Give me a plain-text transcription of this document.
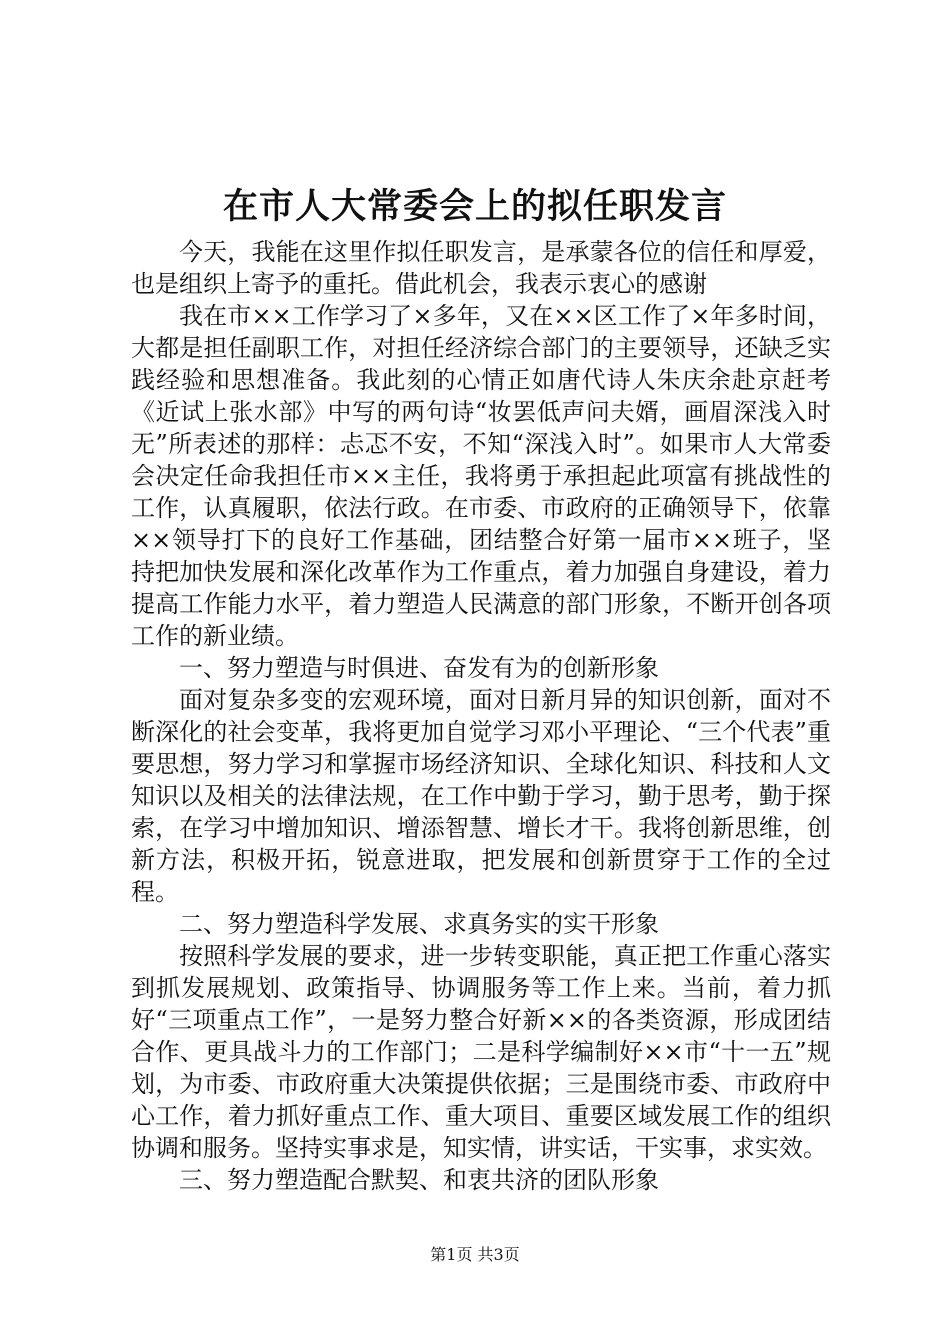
在市人大常委会上的拟任职发言

今天，我能在这里作拟任职发言，是承蒙各位的信任和厚爱，也是组织上寄予的重托。借此机会，我表示衷心的感谢

我在市××工作学习了×多年，又在××区工作了×年多时间，大都是担任副职工作，对担任经济综合部门的主要领导，还缺乏实践经验和思想准备。我此刻的心情正如唐代诗人朱庆余赴京赶考《近试上张水部》中写的两句诗“妆罢低声问夫婿，画眉深浅入时无”所表述的那样：忐忑不安，不知“深浅入时”。如果市人大常委会决定任命我担任市××主任，我将勇于承担起此项富有挑战性的工作，认真履职，依法行政。在市委、市政府的正确领导下，依靠××领导打下的良好工作基础，团结整合好第一届市××班子，坚持把加快发展和深化改革作为工作重点，着力加强自身建设，着力提高工作能力水平，着力塑造人民满意的部门形象，不断开创各项工作的新业绩。

一、努力塑造与时俱进、奋发有为的创新形象

面对复杂多变的宏观环境，面对日新月异的知识创新，面对不断深化的社会变革，我将更加自觉学习邓小平理论、“三个代表”重要思想，努力学习和掌握市场经济知识、全球化知识、科技和人文知识以及相关的法律法规，在工作中勤于学习，勤于思考，勤于探索，在学习中增加知识、增添智慧、增长才干。我将创新思维，创新方法，积极开拓，锐意进取，把发展和创新贯穿于工作的全过程。

二、努力塑造科学发展、求真务实的实干形象

按照科学发展的要求，进一步转变职能，真正把工作重心落实到抓发展规划、政策指导、协调服务等工作上来。当前，着力抓好“三项重点工作”，一是努力整合好新××的各类资源，形成团结合作、更具战斗力的工作部门；二是科学编制好××市“十一五”规划，为市委、市政府重大决策提供依据；三是围绕市委、市政府中心工作，着力抓好重点工作、重大项目、重要区域发展工作的组织协调和服务。坚持实事求是，知实情，讲实话，干实事，求实效。

三、努力塑造配合默契、和衷共济的团队形象

第1页 共3页
